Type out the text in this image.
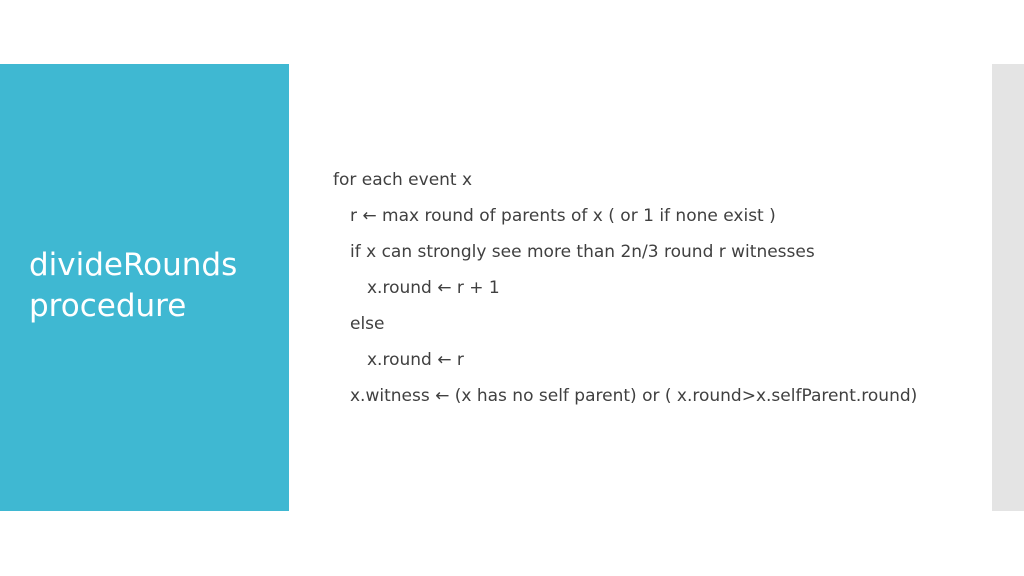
divideRounds
procedure
for each event x
r ← max round of parents of x ( or 1 if none exist )
if x can strongly see more than 2n/3 round r witnesses
x.round ← r + 1
else
x.round ← r
x.witness ← (x has no self parent) or ( x.round>x.selfParent.round)
